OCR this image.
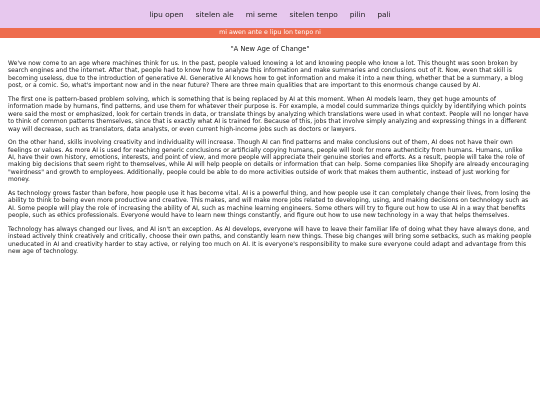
lipu open sitelen ale mi seme sitelen tenpo pilin pali
mi awen ante e lipu lon tenpo ni
"A New Age of Change"

We've now come to an age where machines think for us. In the past, people valued knowing a lot and knowing people who know a lot. This thought was soon broken by search engines and the internet. After that, people had to know how to analyze this information and make summaries and conclusions out of it. Now, even that skill is becoming useless, due to the introduction of generative AI. Generative AI knows how to get information and make it into a new thing, whether that be a summary, a blog post, or a comic. So, what's important now and in the near future? There are three main qualities that are important to this enormous change caused by AI.

The first one is pattern-based problem solving, which is something that is being replaced by AI at this moment. When AI models learn, they get huge amounts of information made by humans, find patterns, and use them for whatever their purpose is. For example, a model could summarize things quickly by identifying which points were said the most or emphasized, look for certain trends in data, or translate things by analyzing which translations were used in what context. People will no longer have to think of common patterns themselves, since that is exactly what AI is trained for. Because of this, jobs that involve simply analyzing and expressing things in a different way will decrease, such as translators, data analysts, or even current high-income jobs such as doctors or lawyers.

On the other hand, skills involving creativity and individuality will increase. Though AI can find patterns and make conclusions out of them, AI does not have their own feelings or values. As more AI is used for reaching generic conclusions or artificially copying humans, people will look for more authenticity from humans. Humans, unlike AI, have their own history, emotions, interests, and point of view, and more people will appreciate their genuine stories and efforts. As a result, people will take the role of making big decisions that seem right to themselves, while AI will help people on details or information that can help. Some companies like Shopify are already encouraging "weirdness" and growth to employees. Additionally, people could be able to do more activities outside of work that makes them authentic, instead of just working for money.

As technology grows faster than before, how people use it has become vital. AI is a powerful thing, and how people use it can completely change their lives, from losing the ability to think to being even more productive and creative. This makes, and will make more jobs related to developing, using, and making decisions on technology such as AI. Some people will play the role of increasing the ability of AI, such as machine learning engineers. Some others will try to figure out how to use AI in a way that benefits people, such as ethics professionals. Everyone would have to learn new things constantly, and figure out how to use new technology in a way that helps themselves.

Technology has always changed our lives, and AI isn't an exception. As AI develops, everyone will have to leave their familiar life of doing what they have always done, and instead actively think creatively and critically, choose their own paths, and constantly learn new things. These big changes will bring some setbacks, such as making people uneducated in AI and creativity harder to stay active, or relying too much on AI. It is everyone's responsibility to make sure everyone could adapt and advantage from this new age of technology.
